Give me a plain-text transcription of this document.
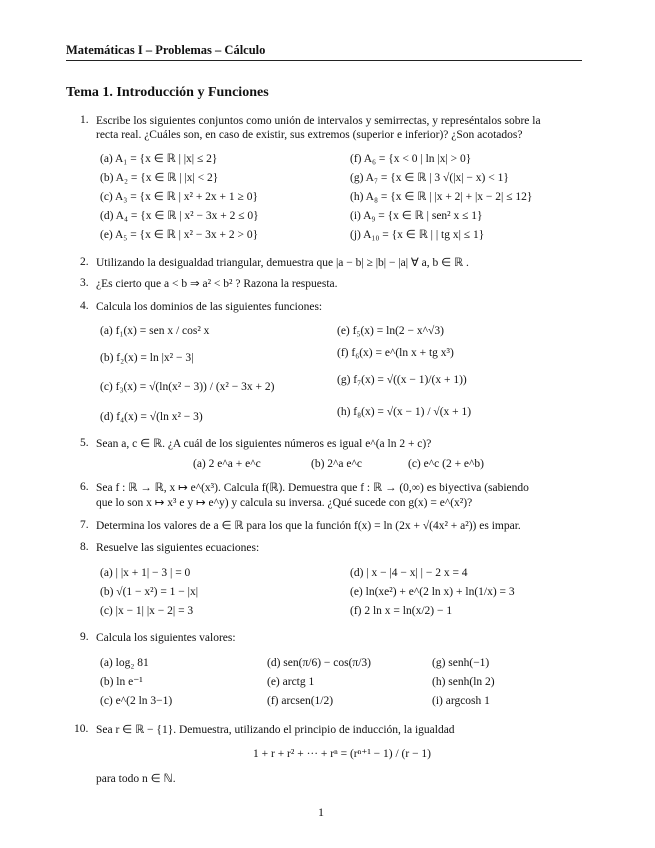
Matemáticas I – Problemas – Cálculo
Tema 1. Introducción y Funciones
1. Escribe los siguientes conjuntos como unión de intervalos y semirrectas, y represéntalos sobre la
recta real. ¿Cuáles son, en caso de existir, sus extremos (superior e inferior)? ¿Son acotados?
(a) A₁ = {x ∈ ℝ | |x| ≤ 2}
(b) A₂ = {x ∈ ℝ | |x| < 2}
(c) A₃ = {x ∈ ℝ | x² + 2x + 1 ≥ 0}
(d) A₄ = {x ∈ ℝ | x² − 3x + 2 ≤ 0}
(e) A₅ = {x ∈ ℝ | x² − 3x + 2 > 0}
(f) A₆ = {x < 0 | ln |x| > 0}
(g) A₇ = {x ∈ ℝ | 3 √(|x| − x) < 1}
(h) A₈ = {x ∈ ℝ | |x + 2| + |x − 2| ≤ 12}
(i) A₉ = {x ∈ ℝ | sen² x ≤ 1}
(j) A₁₀ = {x ∈ ℝ | | tg x| ≤ 1}
2. Utilizando la desigualdad triangular, demuestra que |a − b| ≥ |b| − |a| ∀ a, b ∈ ℝ .
3. ¿Es cierto que a < b ⇒ a² < b² ? Razona la respuesta.
4. Calcula los dominios de las siguientes funciones:
(a) f₁(x) = sen x / cos² x
(b) f₂(x) = ln |x² − 3|
(c) f₃(x) = √(ln(x² − 3)) / (x² − 3x + 2)
(d) f₄(x) = √(ln x² − 3)
(e) f₅(x) = ln(2 − x^√3)
(f) f₆(x) = e^(ln x + tg x³)
(g) f₇(x) = √((x − 1)/(x + 1))
(h) f₈(x) = √(x − 1) / √(x + 1)
5. Sean a, c ∈ ℝ. ¿A cuál de los siguientes números es igual e^(a ln 2 + c)?
(a) 2 e^a + e^c	(b) 2^a e^c	(c) e^c (2 + e^b)
6. Sea f : ℝ → ℝ, x ↦ e^(x³). Calcula f(ℝ). Demuestra que f : ℝ → (0,∞) es biyectiva (sabiendo
que lo son x ↦ x³ e y ↦ e^y) y calcula su inversa. ¿Qué sucede con g(x) = e^(x²)?
7. Determina los valores de a ∈ ℝ para los que la función f(x) = ln (2x + √(4x² + a²)) es impar.
8. Resuelve las siguientes ecuaciones:
(a) | |x + 1| − 3 | = 0
(b) √(1 − x²) = 1 − |x|
(c) |x − 1| |x − 2| = 3
(d) | x − |4 − x| | − 2 x = 4
(e) ln(xe²) + e^(2 ln x) + ln(1/x) = 3
(f) 2 ln x = ln(x/2) − 1
9. Calcula los siguientes valores:
(a) log₂ 81
(b) ln e⁻¹
(c) e^(2 ln 3−1)
(d) sen(π/6) − cos(π/3)
(e) arctg 1
(f) arcsen(1/2)
(g) senh(−1)
(h) senh(ln 2)
(i) argcosh 1
10. Sea r ∈ ℝ − {1}. Demuestra, utilizando el principio de inducción, la igualdad
1 + r + r² + ··· + rⁿ = (rⁿ⁺¹ − 1) / (r − 1)
para todo n ∈ ℕ.
1
